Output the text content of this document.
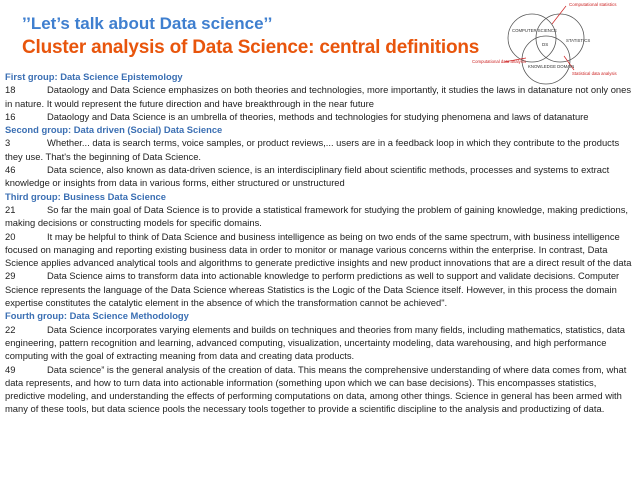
’’Let’s talk about Data science’’
Cluster analysis of Data Science: central definitions
Computational statistics
COMPUTER SCIENCE
STATISTICS
DS
KNOWLEDGE DOMAIN
Computational data analysis
Statistical data analysis

First group: Data Science Epistemology

18	Dataology and Data Science emphasizes on both theories and technologies, more importantly, it studies the laws in datanature not only ones in nature. It would represent the future direction and have breakthrough in the near future

16	Dataology and Data Science is an umbrella of theories, methods and technologies for studying phenomena and laws of datanature

Second group: Data driven (Social) Data Science

3	Whether... data is search terms, voice samples, or product reviews,... users are in a feedback loop in which they contribute to the products they use. That's the beginning of Data Science.

46	Data science, also known as data-driven science, is an interdisciplinary field about scientific methods, processes and systems to extract knowledge or insights from data in various forms, either structured or unstructured

Third group: Business Data Science

21	So far the main goal of Data Science is to provide a statistical framework for studying the problem of gaining knowledge, making predictions, making decisions or constructing models for specific domains.

20	It may be helpful to think of Data Science and business intelligence as being on two ends of the same spectrum, with business intelligence focused on managing and reporting existing business data in order to monitor or manage various concerns within the enterprise. In contrast, Data Science applies advanced analytical tools and algorithms to generate predictive insights and new product innovations that are a direct result of the data

29	Data Science aims to transform data into actionable knowledge to perform predictions as well to support and validate decisions. Computer Science represents the language of the Data Science whereas Statistics is the Logic of the Data Science itself. However, in this process the domain expertise constitutes the catalytic element in the absence of which the transformation cannot be achieved".

Fourth group: Data Science Methodology

22	Data Science incorporates varying elements and builds on techniques and theories from many fields, including mathematics, statistics, data engineering, pattern recognition and learning, advanced computing, visualization, uncertainty modeling, data warehousing, and high performance computing with the goal of extracting meaning from data and creating data products.

49	Data science” is the general analysis of the creation of data. This means the comprehensive understanding of where data comes from, what data represents, and how to turn data into actionable information (something upon which we can base decisions). This encompasses statistics, predictive modeling, and understanding the effects of performing computations on data, among other things. Science in general has been armed with many of these tools, but data science pools the necessary tools together to provide a scientific discipline to the analysis and productizing of data.
